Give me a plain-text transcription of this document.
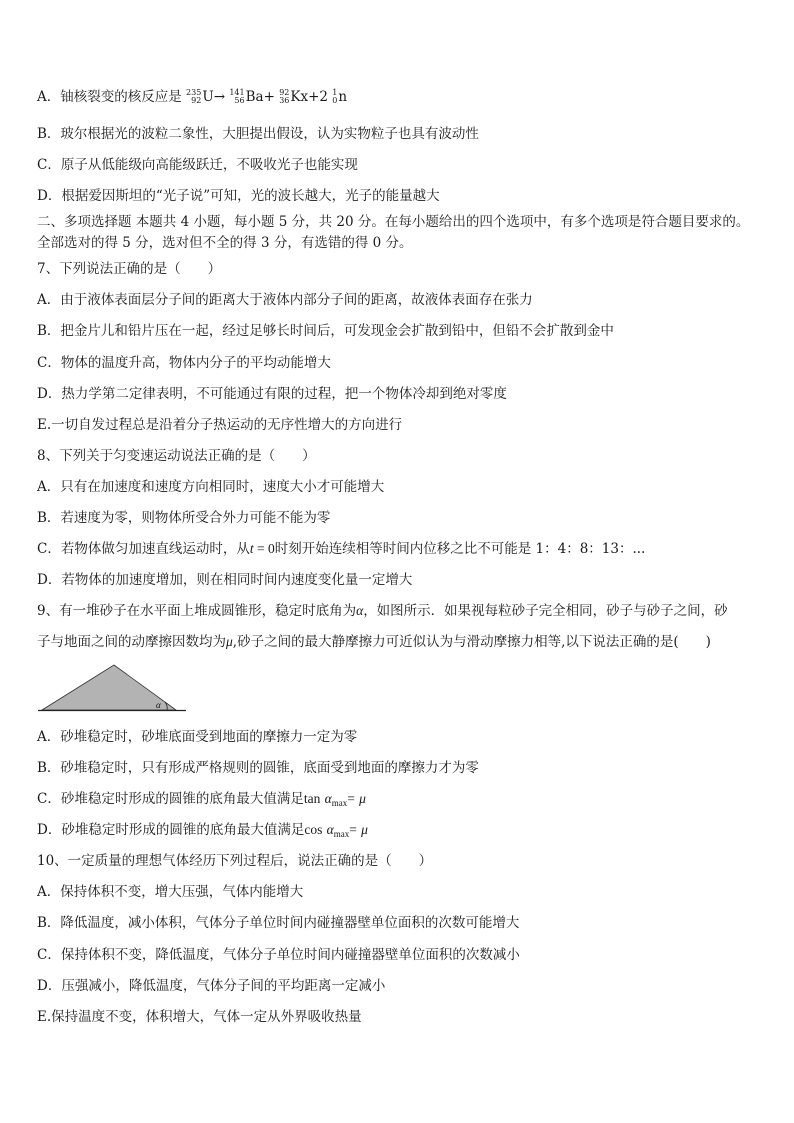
A．铀核裂变的核反应是 235
92 U→ 141
56 Ba+ 92
36 Kx+2 1
0 n
B．玻尔根据光的波粒二象性，大胆提出假设，认为实物粒子也具有波动性
C．原子从低能级向高能级跃迁，不吸收光子也能实现
D．根据爱因斯坦的“光子说”可知，光的波长越大，光子的能量越大
二、多项选择题 本题共 4 小题，每小题 5 分，共 20 分。在每小题给出的四个选项中，有多个选项是符合题目要求的。
全部选对的得 5 分，选对但不全的得 3 分，有选错的得 0 分。
7、下列说法正确的是（　　）
A．由于液体表面层分子间的距离大于液体内部分子间的距离，故液体表面存在张力
B．把金片儿和铅片压在一起，经过足够长时间后，可发现金会扩散到铅中，但铅不会扩散到金中
C．物体的温度升高，物体内分子的平均动能增大
D．热力学第二定律表明，不可能通过有限的过程，把一个物体冷却到绝对零度
E.一切自发过程总是沿着分子热运动的无序性增大的方向进行
8、下列关于匀变速运动说法正确的是（　　）
A．只有在加速度和速度方向相同时，速度大小才可能增大
B．若速度为零，则物体所受合外力可能不能为零
C．若物体做匀加速直线运动时，从t = 0时刻开始连续相等时间内位移之比不可能是 1：4：8：13：...
D．若物体的加速度增加，则在相同时间内速度变化量一定增大
9、有一堆砂子在水平面上堆成圆锥形，稳定时底角为α，如图所示．如果视每粒砂子完全相同，砂子与砂子之间，砂
子与地面之间的动摩擦因数均为μ,砂子之间的最大静摩擦力可近似认为与滑动摩擦力相等,以下说法正确的是(　　)
α
A．砂堆稳定时，砂堆底面受到地面的摩擦力一定为零
B．砂堆稳定时，只有形成严格规则的圆锥，底面受到地面的摩擦力才为零
C．砂堆稳定时形成的圆锥的底角最大值满足$\tan \alpha_{max}= \mu$
D．砂堆稳定时形成的圆锥的底角最大值满足$\cos \alpha_{max}= \mu$
10、一定质量的理想气体经历下列过程后，说法正确的是（　　）
A．保持体积不变，增大压强，气体内能增大
B．降低温度，减小体积，气体分子单位时间内碰撞器壁单位面积的次数可能增大
C．保持体积不变，降低温度，气体分子单位时间内碰撞器壁单位面积的次数减小
D．压强减小，降低温度，气体分子间的平均距离一定减小
E.保持温度不变，体积增大，气体一定从外界吸收热量
